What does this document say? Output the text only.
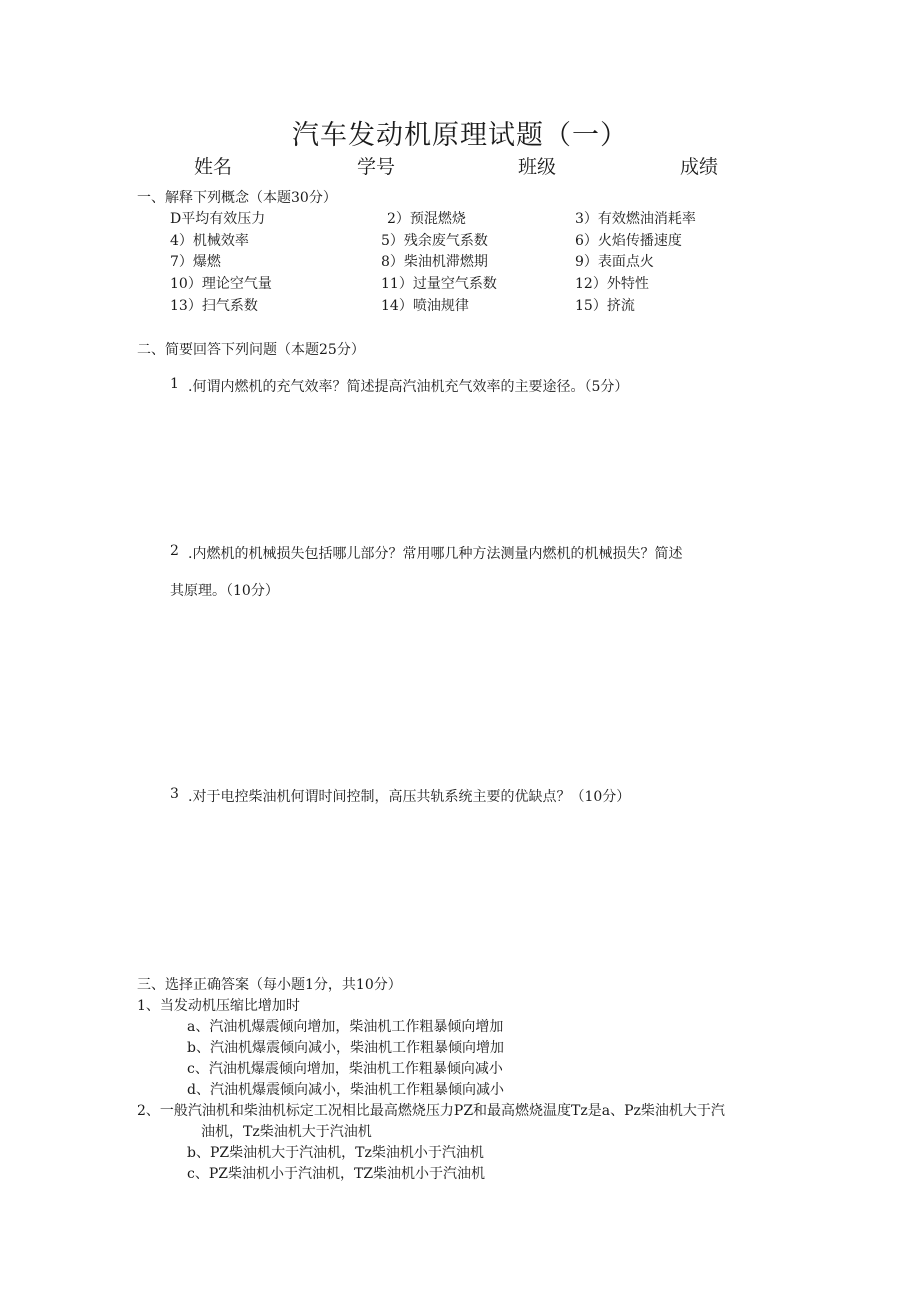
汽车发动机原理试题（一）
姓名	学号	班级	成绩
一、解释下列概念（本题30分）
D平均有效压力	2）预混燃烧	3）有效燃油消耗率
4）机械效率	5）残余废气系数	6）火焰传播速度
7）爆燃	8）柴油机滞燃期	9）表面点火
10）理论空气量	11）过量空气系数	12）外特性
13）扫气系数	14）喷油规律	15）挤流
二、简要回答下列问题（本题25分）
1 .何谓内燃机的充气效率？简述提高汽油机充气效率的主要途径。（5分）
2 .内燃机的机械损失包括哪儿部分？常用哪几种方法测量内燃机的机械损失？简述
其原理。（10分）
3 .对于电控柴油机何谓时间控制，高压共轨系统主要的优缺点？（10分）
三、选择正确答案（每小题1分，共10分）
1、当发动机压缩比增加时
a、汽油机爆震倾向增加，柴油机工作粗暴倾向增加
b、汽油机爆震倾向减小，柴油机工作粗暴倾向增加
c、汽油机爆震倾向增加，柴油机工作粗暴倾向减小
d、汽油机爆震倾向减小，柴油机工作粗暴倾向减小
2、一般汽油机和柴油机标定工况相比最高燃烧压力PZ和最高燃烧温度Tz是a、Pz柴油机大于汽
油机，Tz柴油机大于汽油机
b、PZ柴油机大于汽油机，Tz柴油机小于汽油机
c、PZ柴油机小于汽油机，TZ柴油机小于汽油机
